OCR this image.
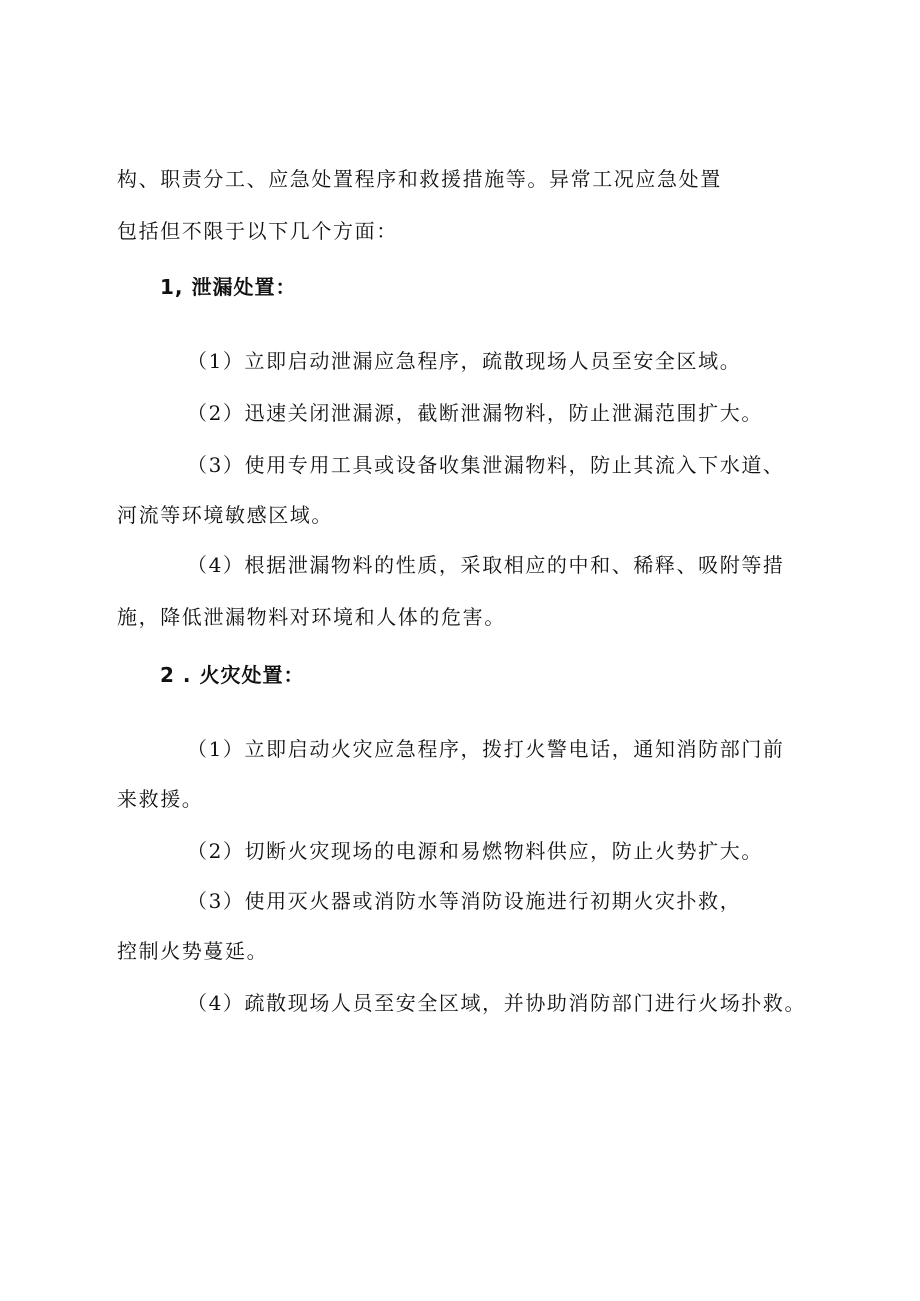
构、职责分工、应急处置程序和救援措施等。异常工况应急处置
包括但不限于以下几个方面：
1, 泄漏处置：
（1）立即启动泄漏应急程序，疏散现场人员至安全区域。
（2）迅速关闭泄漏源，截断泄漏物料，防止泄漏范围扩大。
（3）使用专用工具或设备收集泄漏物料，防止其流入下水道、
河流等环境敏感区域。
（4）根据泄漏物料的性质，采取相应的中和、稀释、吸附等措
施，降低泄漏物料对环境和人体的危害。
2 . 火灾处置：
（1）立即启动火灾应急程序，拨打火警电话，通知消防部门前
来救援。
（2）切断火灾现场的电源和易燃物料供应，防止火势扩大。
（3）使用灭火器或消防水等消防设施进行初期火灾扑救，
控制火势蔓延。
（4）疏散现场人员至安全区域，并协助消防部门进行火场扑救。
